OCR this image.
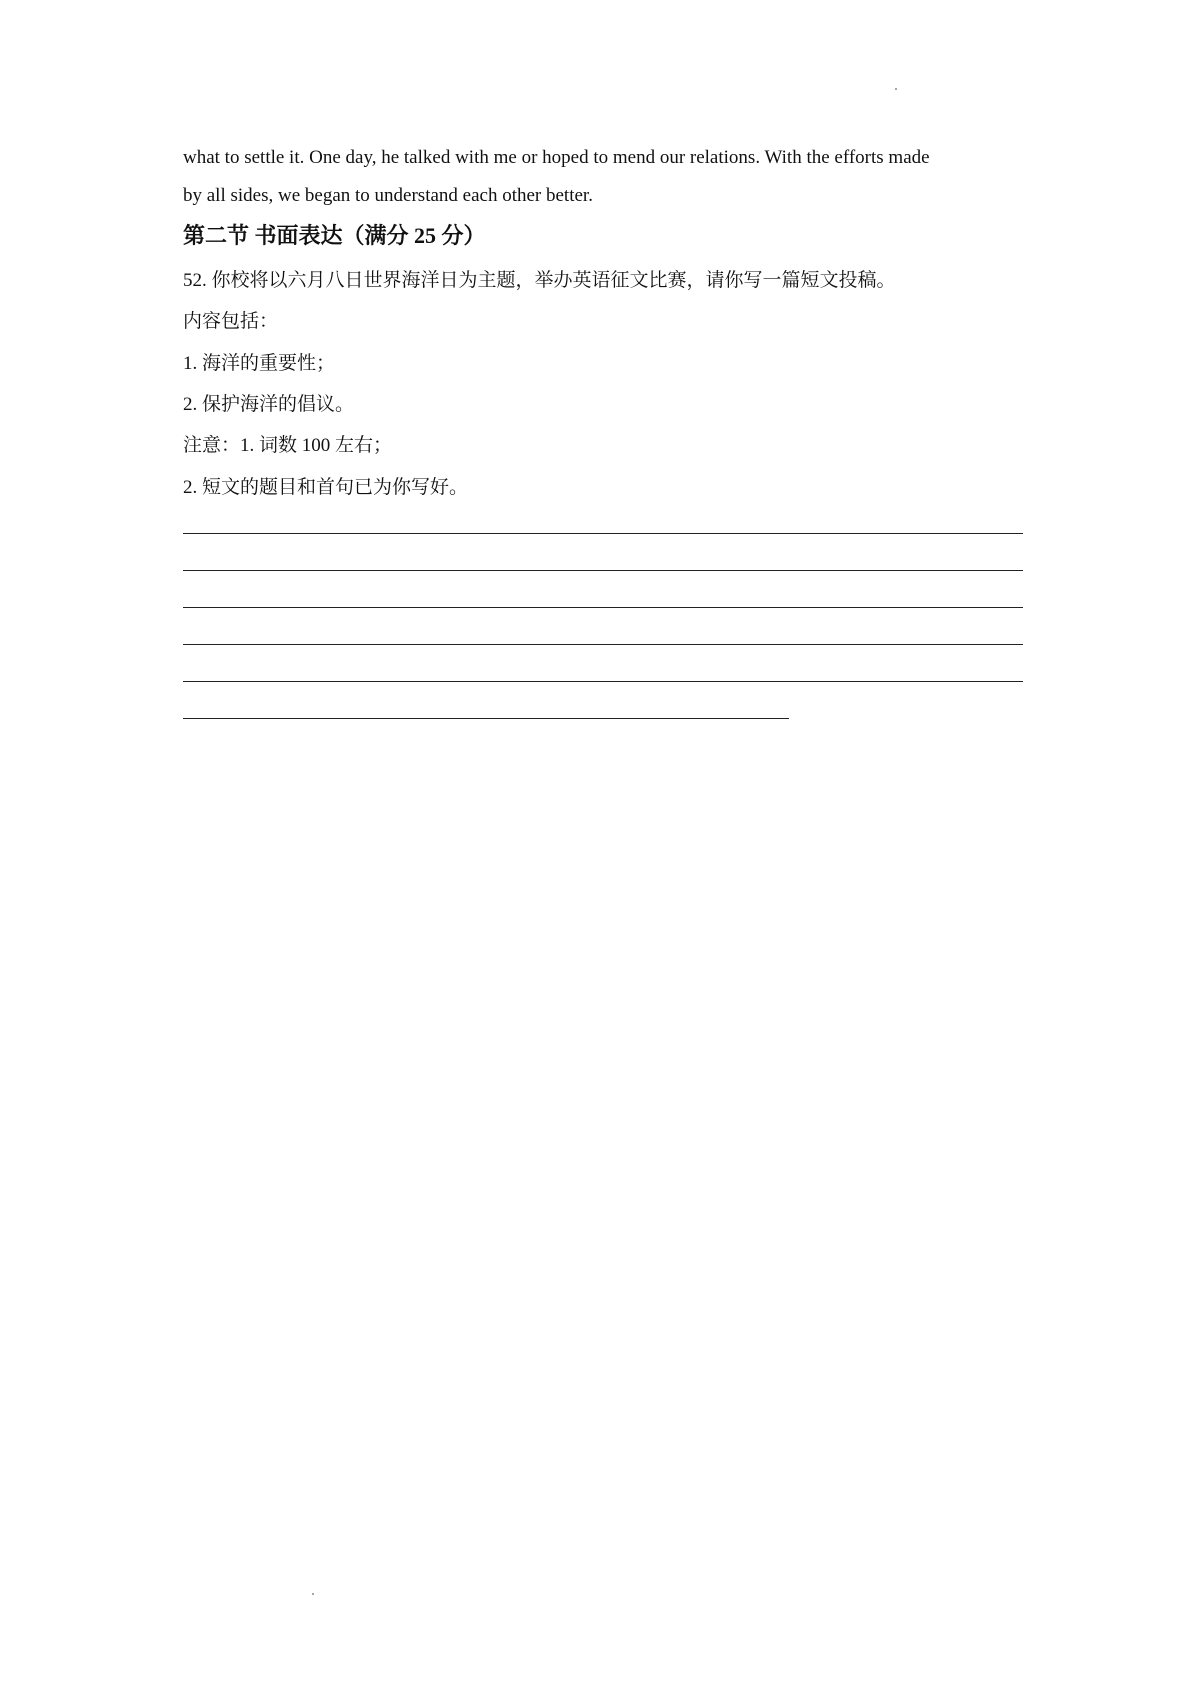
what to settle it. One day, he talked with me or hoped to mend our relations. With the efforts made
by all sides, we began to understand each other better.
第二节 书面表达（满分 25 分）
52. 你校将以六月八日世界海洋日为主题，举办英语征文比赛，请你写一篇短文投稿。
内容包括：
1. 海洋的重要性；
2. 保护海洋的倡议。
注意：1. 词数 100 左右；
2. 短文的题目和首句已为你写好。
